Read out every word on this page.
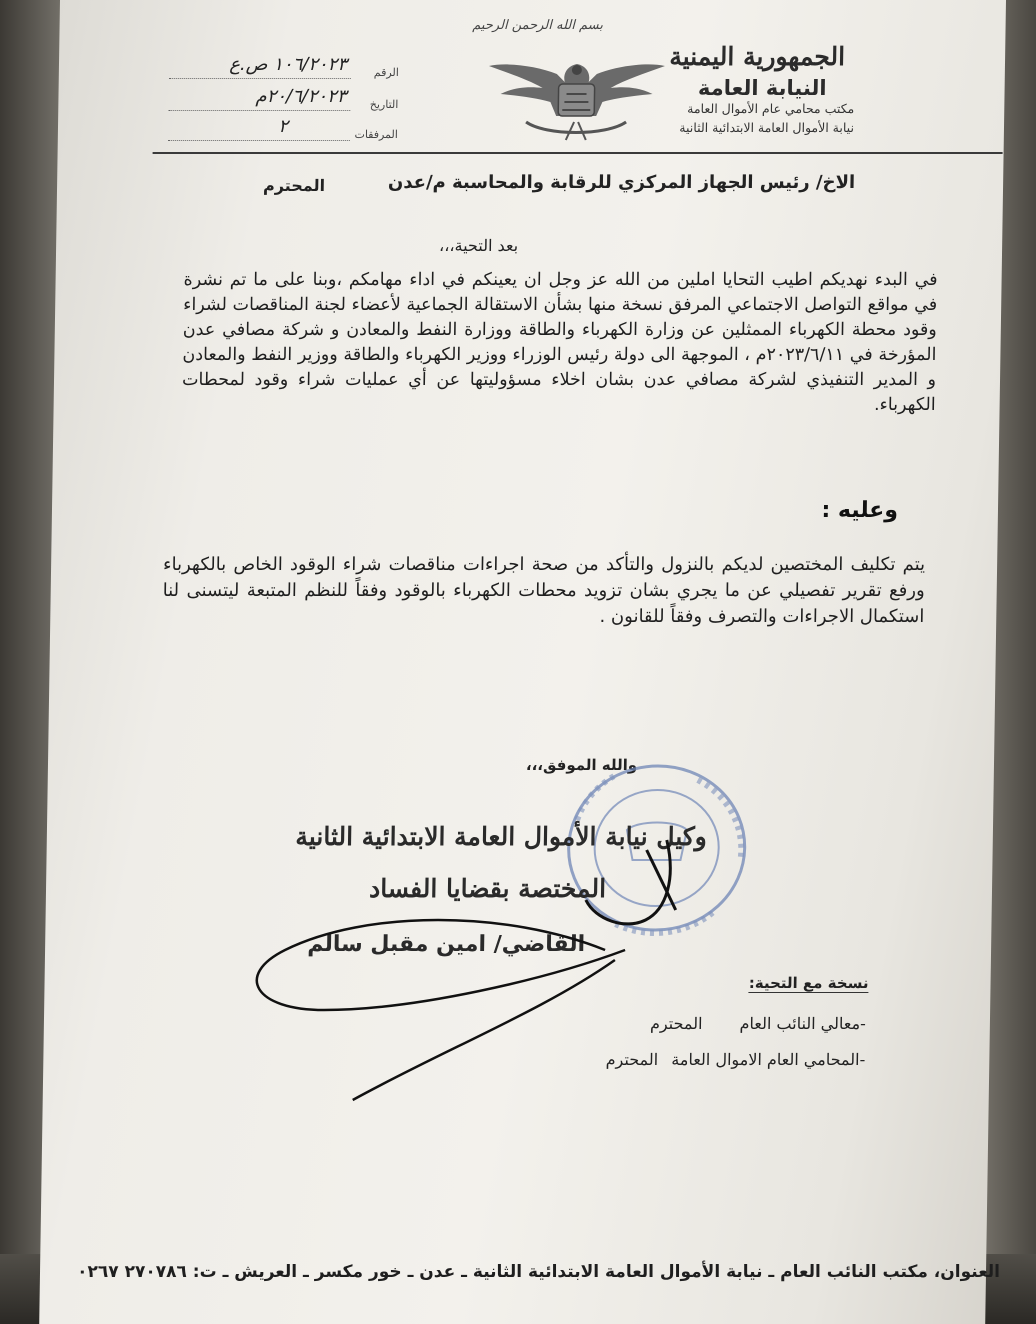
بسم الله الرحمن الرحيم
الجمهورية اليمنية
النيابة العامة
مكتب محامي عام الأموال العامة
نيابة الأموال العامة الابتدائية الثانية
الرقم
١٠٦/٢٠٢٣ ص.ع
التاريخ
٢٠/٦/٢٠٢٣م
المرفقات
٢
الاخ/ رئيس الجهاز المركزي للرقابة والمحاسبة م/عدن
المحترم
بعد التحية،،،
في البدء نهديكم اطيب التحايا املين من الله عز وجل ان يعينكم في اداء مهامكم ،وبنا على ما تم نشرة في مواقع التواصل الاجتماعي المرفق نسخة منها بشأن الاستقالة الجماعية لأعضاء لجنة المناقصات لشراء وقود محطة الكهرباء الممثلين عن وزارة الكهرباء والطاقة ووزارة النفط والمعادن و شركة مصافي عدن المؤرخة في ٢٠٢٣/٦/١١م ، الموجهة الى دولة رئيس الوزراء ووزير الكهرباء والطاقة ووزير النفط والمعادن و المدير التنفيذي لشركة مصافي عدن بشان اخلاء مسؤوليتها عن أي عمليات شراء وقود لمحطات الكهرباء.
وعليه :
يتم تكليف المختصين لديكم بالنزول والتأكد من صحة اجراءات مناقصات شراء الوقود الخاص بالكهرباء ورفع تقرير تفصيلي عن ما يجري بشان تزويد محطات الكهرباء بالوقود وفقاً للنظم المتبعة ليتسنى لنا استكمال الاجراءات والتصرف وفقاً للقانون .
والله الموفق،،،
وكيل نيابة الأموال العامة الابتدائية الثانية
المختصة بقضايا الفساد
القاضي/ امين مقبل سالم
نسخة مع التحية:
-معالي النائب العام المحترم
-المحامي العام الاموال العامة المحترم
العنوان، مكتب النائب العام ـ نيابة الأموال العامة الابتدائية الثانية ـ عدن ـ خور مكسر ـ العريش ـ ت: ٢٧٠٧٨٦ ٠٢٦٧
